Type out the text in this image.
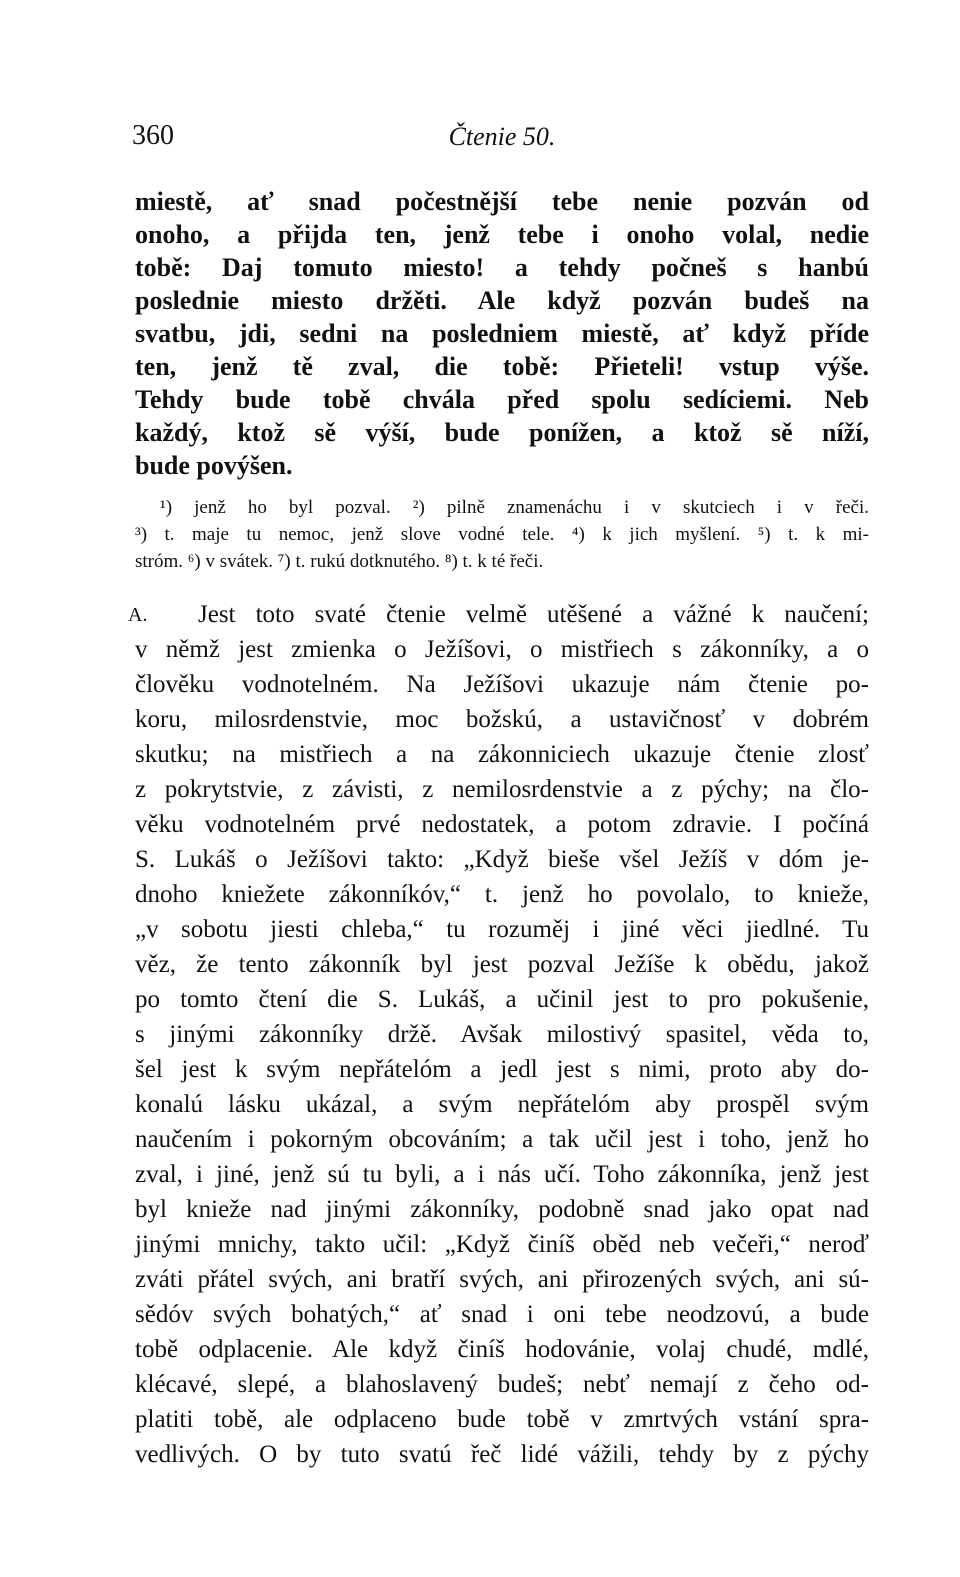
360	Čtenie 50.
miestě, ať snad počestnější tebe nenie pozván od
onoho, a přijda ten, jenž tebe i onoho volal, nedie
tobě: Daj tomuto miesto! a tehdy počneš s hanbú
poslednie miesto držěti. Ale když pozván budeš na
svatbu, jdi, sedni na posledniem miestě, ať když příde
ten, jenž tě zval, die tobě: Přieteli! vstup výše.
Tehdy bude tobě chvála před spolu sedíciemi. Neb
každý, ktož sě výší, bude ponížen, a ktož sě níží,
bude povýšen.
¹) jenž ho byl pozval. ²) pilně znamenáchu i v skutciech i v řeči.
³) t. maje tu nemoc, jenž slove vodné tele. ⁴) k jich myšlení. ⁵) t. k mi-
stróm. ⁶) v svátek. ⁷) t. rukú dotknutého. ⁸) t. k té řeči.
A. Jest toto svaté čtenie velmě utěšené a vážné k naučení;
v němž jest zmienka o Ježíšovi, o mistřiech s zákonníky, a o
člověku vodnotelném. Na Ježíšovi ukazuje nám čtenie po-
koru, milosrdenstvie, moc božskú, a ustavičnosť v dobrém
skutku; na mistřiech a na zákonniciech ukazuje čtenie zlosť
z pokrytstvie, z závisti, z nemilosrdenstvie a z pýchy; na člo-
věku vodnotelném prvé nedostatek, a potom zdravie. I počíná
S. Lukáš o Ježíšovi takto: „Když bieše všel Ježíš v dóm je-
dnoho kniežete zákonníkóv,“ t. jenž ho povolalo, to knieže,
„v sobotu jiesti chleba,“ tu rozuměj i jiné věci jiedlné. Tu
věz, že tento zákonník byl jest pozval Ježíše k obědu, jakož
po tomto čtení die S. Lukáš, a učinil jest to pro pokušenie,
s jinými zákonníky držě. Avšak milostivý spasitel, věda to,
šel jest k svým nepřátelóm a jedl jest s nimi, proto aby do-
konalú lásku ukázal, a svým nepřátelóm aby prospěl svým
naučením i pokorným obcováním; a tak učil jest i toho, jenž ho
zval, i jiné, jenž sú tu byli, a i nás učí. Toho zákonníka, jenž jest
byl knieže nad jinými zákonníky, podobně snad jako opat nad
jinými mnichy, takto učil: „Když činíš oběd neb večeři,“ neroď
zváti přátel svých, ani bratří svých, ani přirozených svých, ani sú-
sědóv svých bohatých,“ ať snad i oni tebe neodzovú, a bude
tobě odplacenie. Ale když činíš hodovánie, volaj chudé, mdlé,
klécavé, slepé, a blahoslavený budeš; nebť nemají z čeho od-
platiti tobě, ale odplaceno bude tobě v zmrtvých vstání spra-
vedlivých. O by tuto svatú řeč lidé vážili, tehdy by z pýchy
